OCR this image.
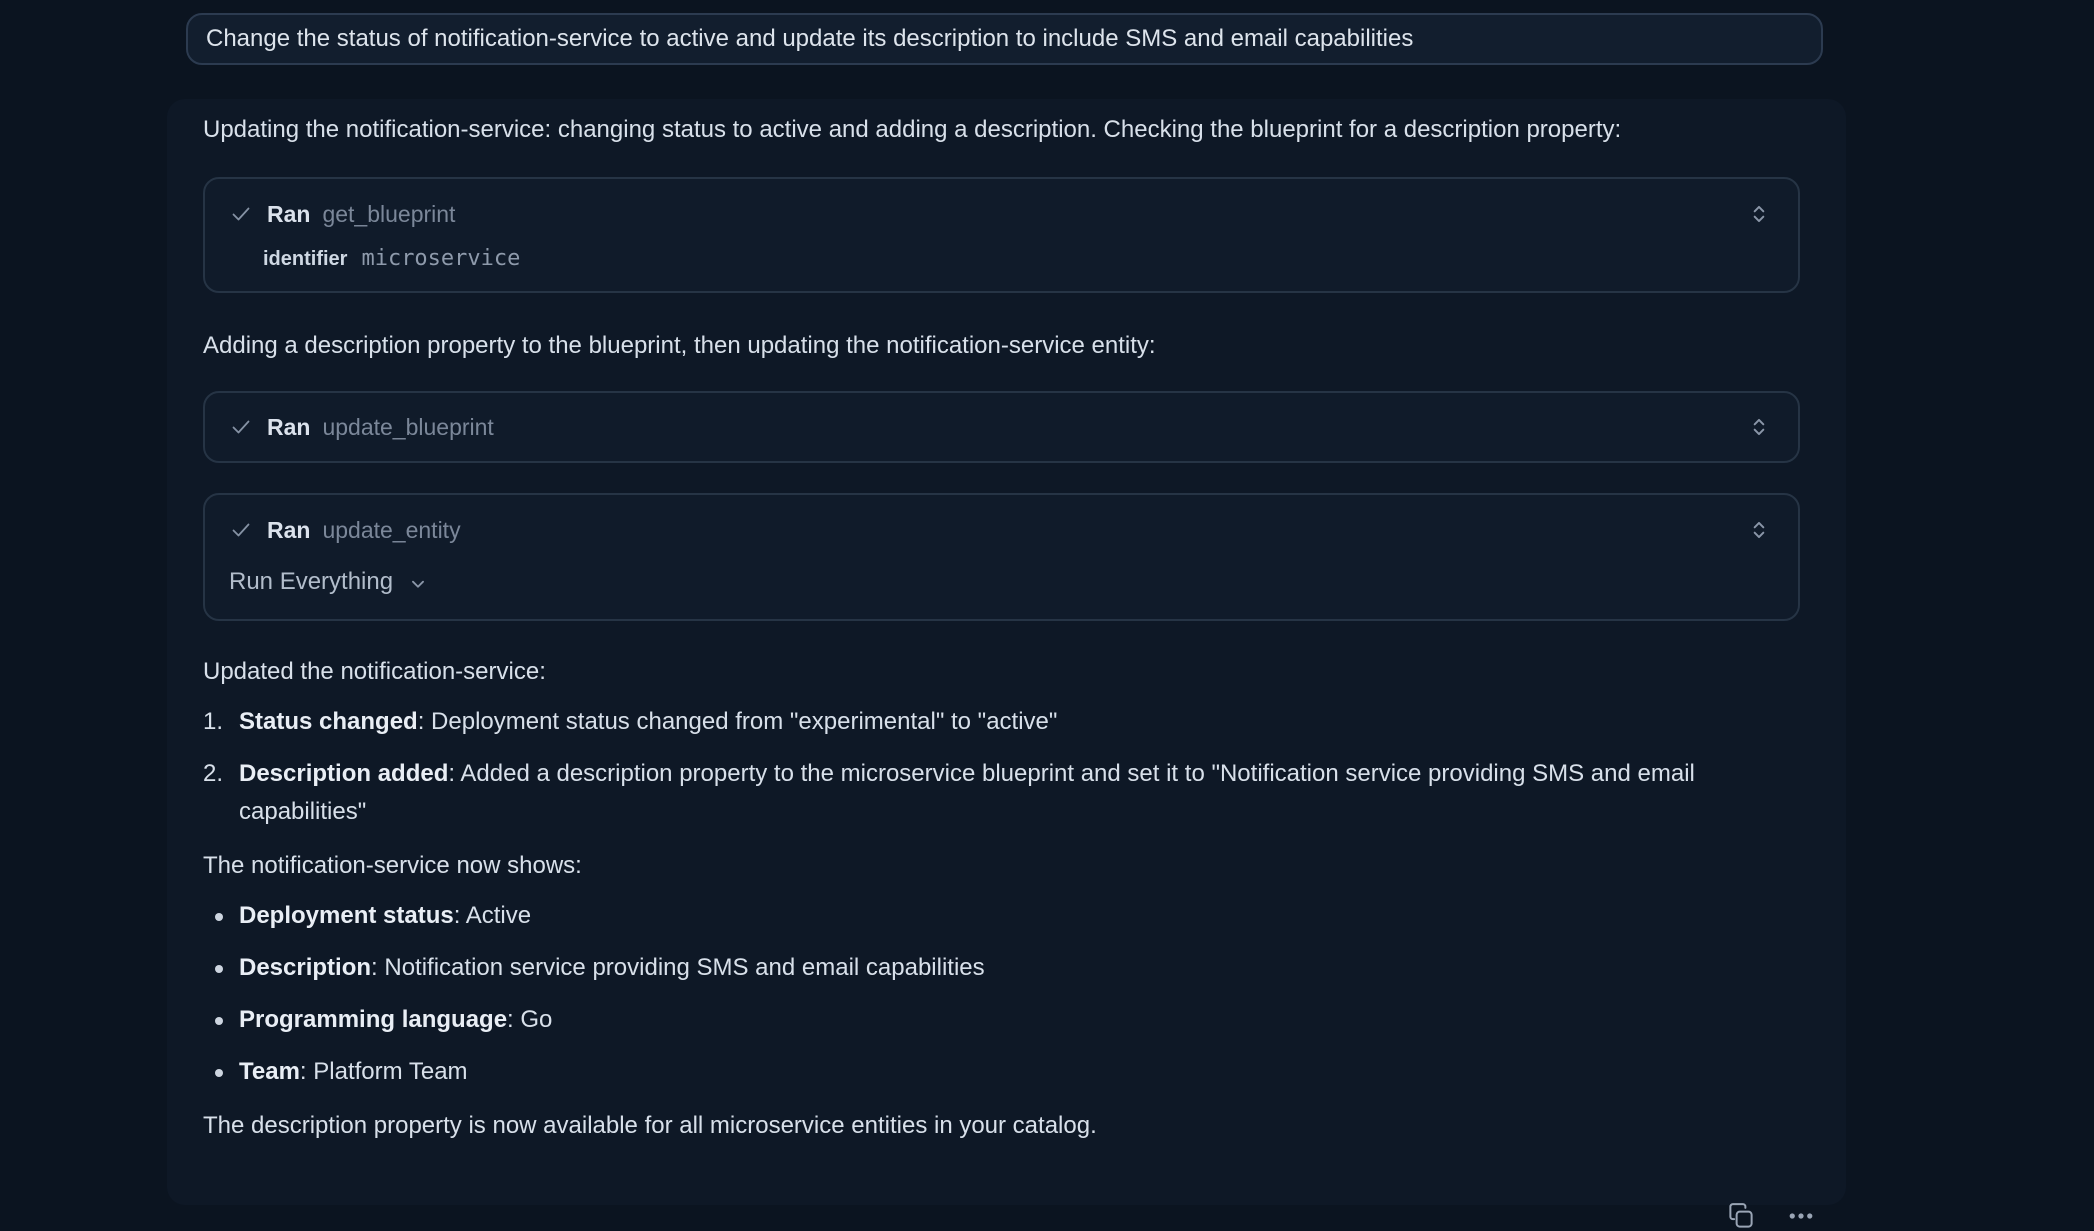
Change the status of notification-service to active and update its description to include SMS and email capabilities

Updating the notification-service: changing status to active and adding a description. Checking the blueprint for a description property:

Ran get_blueprint
identifier microservice

Adding a description property to the blueprint, then updating the notification-service entity:

Ran update_blueprint
Ran update_entity
Run Everything

Updated the notification-service:

1. Status changed: Deployment status changed from "experimental" to "active"
2. Description added: Added a description property to the microservice blueprint and set it to "Notification service providing SMS and email capabilities"

The notification-service now shows:

Deployment status: Active
Description: Notification service providing SMS and email capabilities
Programming language: Go
Team: Platform Team

The description property is now available for all microservice entities in your catalog.
